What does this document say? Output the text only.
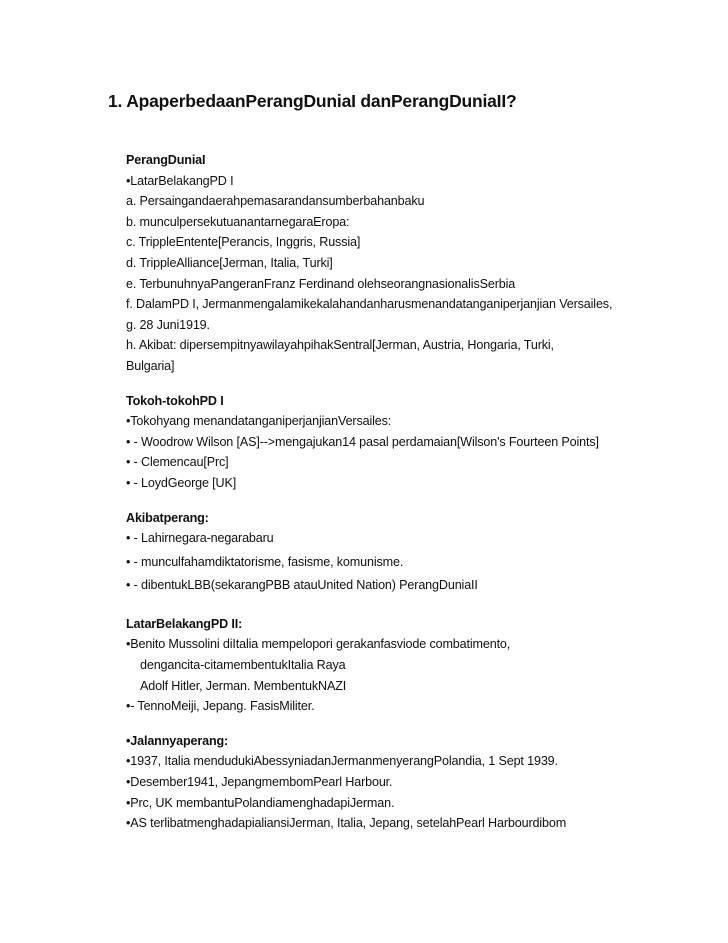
1. ApaperbedaanPerangDuniaI danPerangDuniaII?
PerangDuniaI
•LatarBelakangPD I
a. Persaingandaerahpemasarandansumberbahanbaku
b. munculpersekutuanantarnegaraEropa:
c. TrippleEntente[Perancis, Inggris, Russia]
d. TrippleAlliance[Jerman, Italia, Turki]
e. TerbunuhnyaPangeranFranz Ferdinand olehseorangnasionalisSerbia
f. DalamPD I, Jermanmengalamikekalahandanharusmenandatanganiperjanjian Versailes,
g. 28 Juni1919.
h. Akibat: dipersempitnyawilayahpihakSentral[Jerman, Austria, Hongaria, Turki,
Bulgaria]
Tokoh-tokohPD I
•Tokohyang menandatanganiperjanjianVersailes:
• - Woodrow Wilson [AS]-->mengajukan14 pasal perdamaian[Wilson's Fourteen Points]
• - Clemencau[Prc]
• - LoydGeorge [UK]
Akibatperang:
• - Lahirnegara-negarabaru
• - munculfahamdiktatorisme, fasisme, komunisme.
• - dibentukLBB(sekarangPBB atauUnited Nation) PerangDuniaII
LatarBelakangPD II:
•Benito Mussolini diItalia mempelopori gerakanfasviode combatimento,
dengancita-citamembentukItalia Raya
Adolf Hitler, Jerman. MembentukNAZI
•- TennoMeiji, Jepang. FasisMiliter.
•Jalannyaperang:
•1937, Italia mendudukiAbessyniadanJermanmenyerangPolandia, 1 Sept 1939.
•Desember1941, JepangmembomPearl Harbour.
•Prc, UK membantuPolandiamenghadapiJerman.
•AS terlibatmenghadapialiansiJerman, Italia, Jepang, setelahPearl Harbourdibom
